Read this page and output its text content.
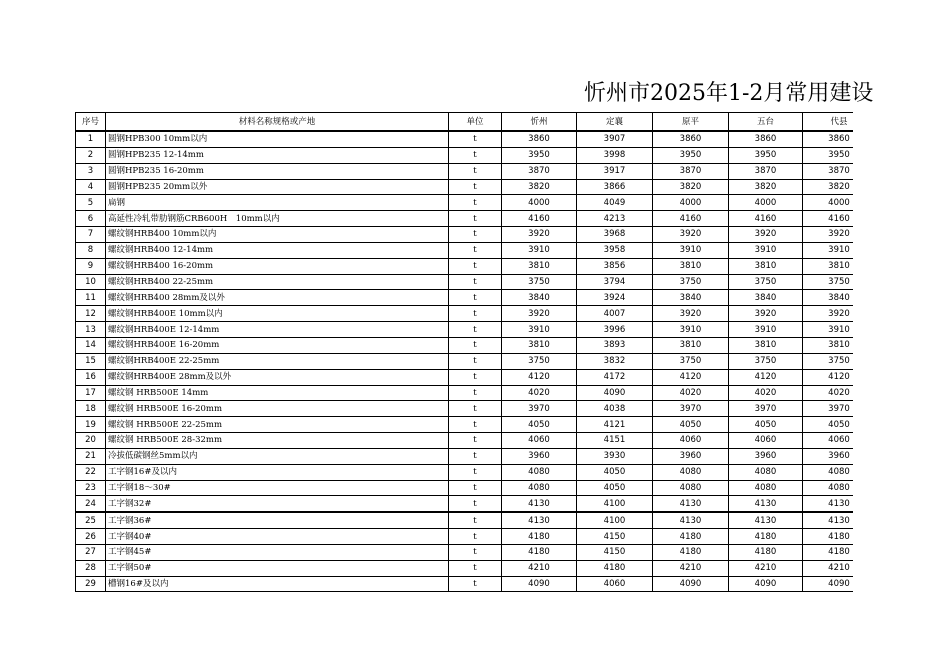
忻州市2025年1-2月常用建设
序号	材料名称规格或产地	单位	忻州	定襄	原平	五台	代县
1	圆钢HPB300 10mm以内	t	3860	3907	3860	3860	3860
2	圆钢HPB235 12-14mm	t	3950	3998	3950	3950	3950
3	圆钢HPB235 16-20mm	t	3870	3917	3870	3870	3870
4	圆钢HPB235 20mm以外	t	3820	3866	3820	3820	3820
5	扁钢	t	4000	4049	4000	4000	4000
6	高延性冷轧带肋钢筋CRB600H　10mm以内	t	4160	4213	4160	4160	4160
7	螺纹钢HRB400 10mm以内	t	3920	3968	3920	3920	3920
8	螺纹钢HRB400 12-14mm	t	3910	3958	3910	3910	3910
9	螺纹钢HRB400 16-20mm	t	3810	3856	3810	3810	3810
10	螺纹钢HRB400 22-25mm	t	3750	3794	3750	3750	3750
11	螺纹钢HRB400 28mm及以外	t	3840	3924	3840	3840	3840
12	螺纹钢HRB400E 10mm以内	t	3920	4007	3920	3920	3920
13	螺纹钢HRB400E 12-14mm	t	3910	3996	3910	3910	3910
14	螺纹钢HRB400E 16-20mm	t	3810	3893	3810	3810	3810
15	螺纹钢HRB400E 22-25mm	t	3750	3832	3750	3750	3750
16	螺纹钢HRB400E 28mm及以外	t	4120	4172	4120	4120	4120
17	螺纹钢 HRB500E 14mm	t	4020	4090	4020	4020	4020
18	螺纹钢 HRB500E 16-20mm	t	3970	4038	3970	3970	3970
19	螺纹钢 HRB500E 22-25mm	t	4050	4121	4050	4050	4050
20	螺纹钢 HRB500E 28-32mm	t	4060	4151	4060	4060	4060
21	冷拔低碳钢丝5mm以内	t	3960	3930	3960	3960	3960
22	工字钢16#及以内	t	4080	4050	4080	4080	4080
23	工字钢18～30#	t	4080	4050	4080	4080	4080
24	工字钢32#	t	4130	4100	4130	4130	4130
25	工字钢36#	t	4130	4100	4130	4130	4130
26	工字钢40#	t	4180	4150	4180	4180	4180
27	工字钢45#	t	4180	4150	4180	4180	4180
28	工字钢50#	t	4210	4180	4210	4210	4210
29	槽钢16#及以内	t	4090	4060	4090	4090	4090
